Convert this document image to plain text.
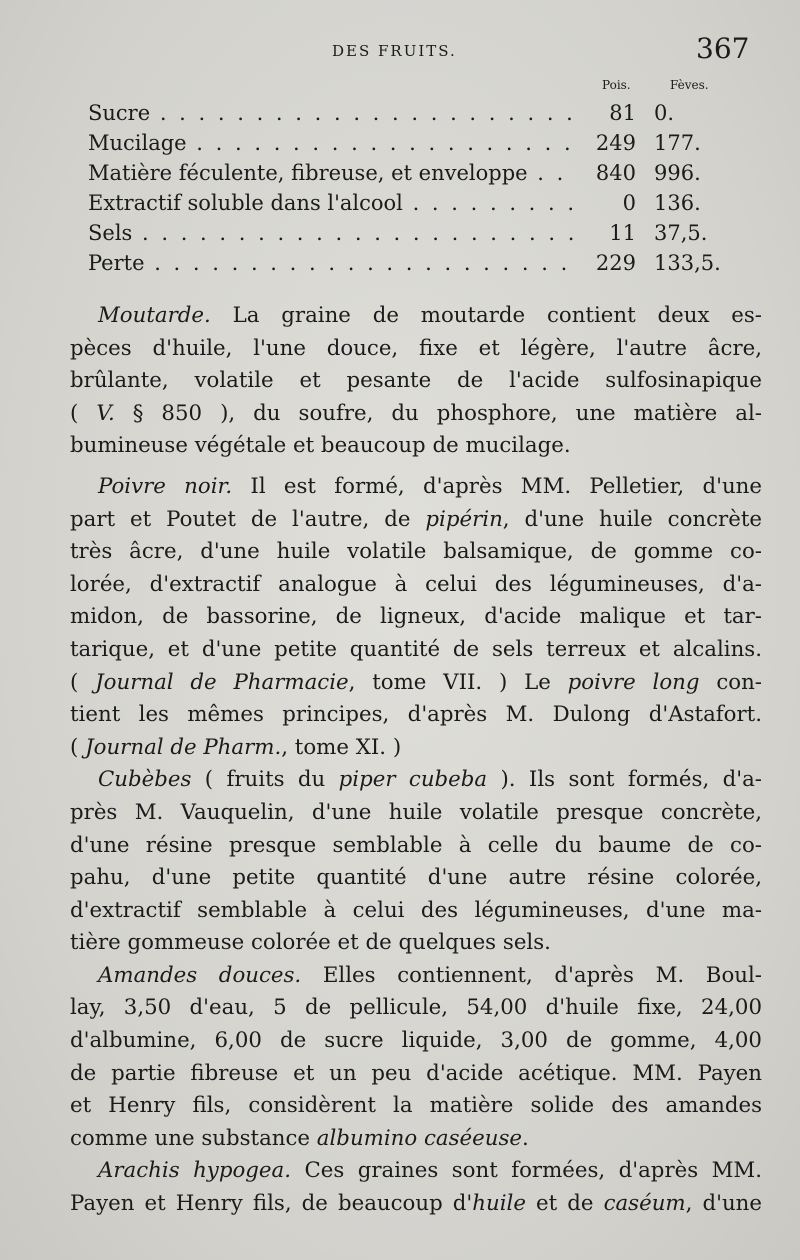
DES FRUITS.	367
Pois.	Fèves.
Sucre . . .	81 0.
Mucilage . . .	249 177.
Matière féculente, fibreuse, et enveloppe . . .	840 996.
Extractif soluble dans l'alcool . . .	0 136.
Sels . . .	11 37,5.
Perte . . .	229 133,5.
Moutarde. La graine de moutarde contient deux es-
pèces d'huile, l'une douce, fixe et légère, l'autre âcre,
brûlante, volatile et pesante de l'acide sulfosinapique
( V. § 850 ), du soufre, du phosphore, une matière al-
bumineuse végétale et beaucoup de mucilage.
Poivre noir. Il est formé, d'après MM. Pelletier, d'une
part et Poutet de l'autre, de pipérin, d'une huile concrète
très âcre, d'une huile volatile balsamique, de gomme co-
lorée, d'extractif analogue à celui des légumineuses, d'a-
midon, de bassorine, de ligneux, d'acide malique et tar-
tarique, et d'une petite quantité de sels terreux et alcalins.
( Journal de Pharmacie, tome VII. ) Le poivre long con-
tient les mêmes principes, d'après M. Dulong d'Astafort.
( Journal de Pharm., tome XI. )
Cubèbes ( fruits du piper cubeba ). Ils sont formés, d'a-
près M. Vauquelin, d'une huile volatile presque concrète,
d'une résine presque semblable à celle du baume de co-
pahu, d'une petite quantité d'une autre résine colorée,
d'extractif semblable à celui des légumineuses, d'une ma-
tière gommeuse colorée et de quelques sels.
Amandes douces. Elles contiennent, d'après M. Boul-
lay, 3,50 d'eau, 5 de pellicule, 54,00 d'huile fixe, 24,00
d'albumine, 6,00 de sucre liquide, 3,00 de gomme, 4,00
de partie fibreuse et un peu d'acide acétique. MM. Payen
et Henry fils, considèrent la matière solide des amandes
comme une substance albumino caséeuse.
Arachis hypogea. Ces graines sont formées, d'après MM.
Payen et Henry fils, de beaucoup d'huile et de caséum, d'une
